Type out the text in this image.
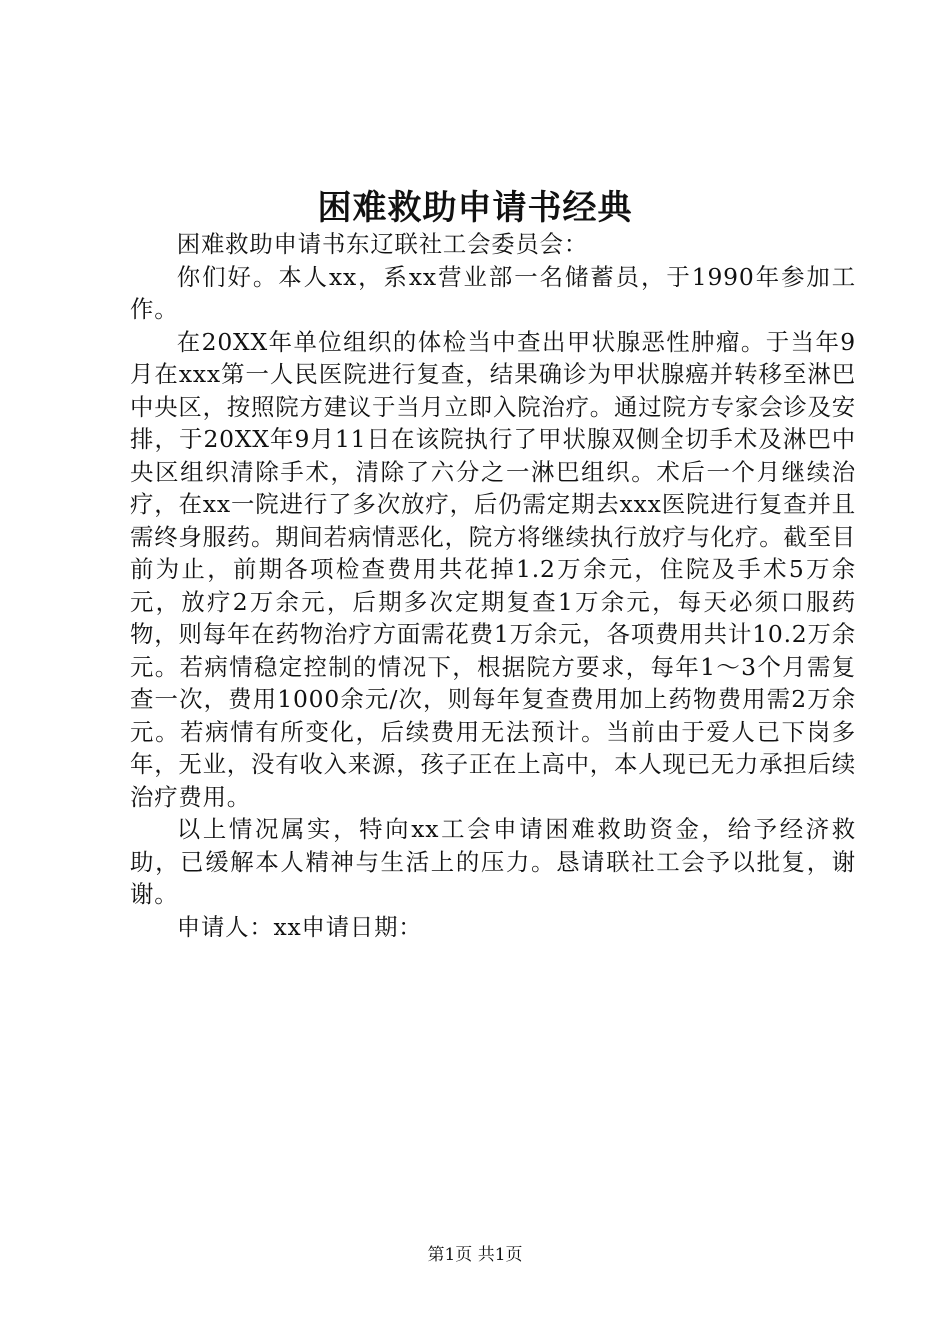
困难救助申请书经典

困难救助申请书东辽联社工会委员会：

你们好。本人xx，系xx营业部一名储蓄员，于1990年参加工作。

在20XX年单位组织的体检当中查出甲状腺恶性肿瘤。于当年9月在xxx第一人民医院进行复查，结果确诊为甲状腺癌并转移至淋巴中央区，按照院方建议于当月立即入院治疗。通过院方专家会诊及安排，于20XX年9月11日在该院执行了甲状腺双侧全切手术及淋巴中央区组织清除手术，清除了六分之一淋巴组织。术后一个月继续治疗，在xx一院进行了多次放疗，后仍需定期去xxx医院进行复查并且需终身服药。期间若病情恶化，院方将继续执行放疗与化疗。截至目前为止，前期各项检查费用共花掉1.2万余元，住院及手术5万余元，放疗2万余元，后期多次定期复查1万余元，每天必须口服药物，则每年在药物治疗方面需花费1万余元，各项费用共计10.2万余元。若病情稳定控制的情况下，根据院方要求，每年1～3个月需复查一次，费用1000余元/次，则每年复查费用加上药物费用需2万余元。若病情有所变化，后续费用无法预计。当前由于爱人已下岗多年，无业，没有收入来源，孩子正在上高中，本人现已无力承担后续治疗费用。

以上情况属实，特向xx工会申请困难救助资金，给予经济救助，已缓解本人精神与生活上的压力。恳请联社工会予以批复，谢谢。

申请人：xx申请日期：

第1页 共1页
